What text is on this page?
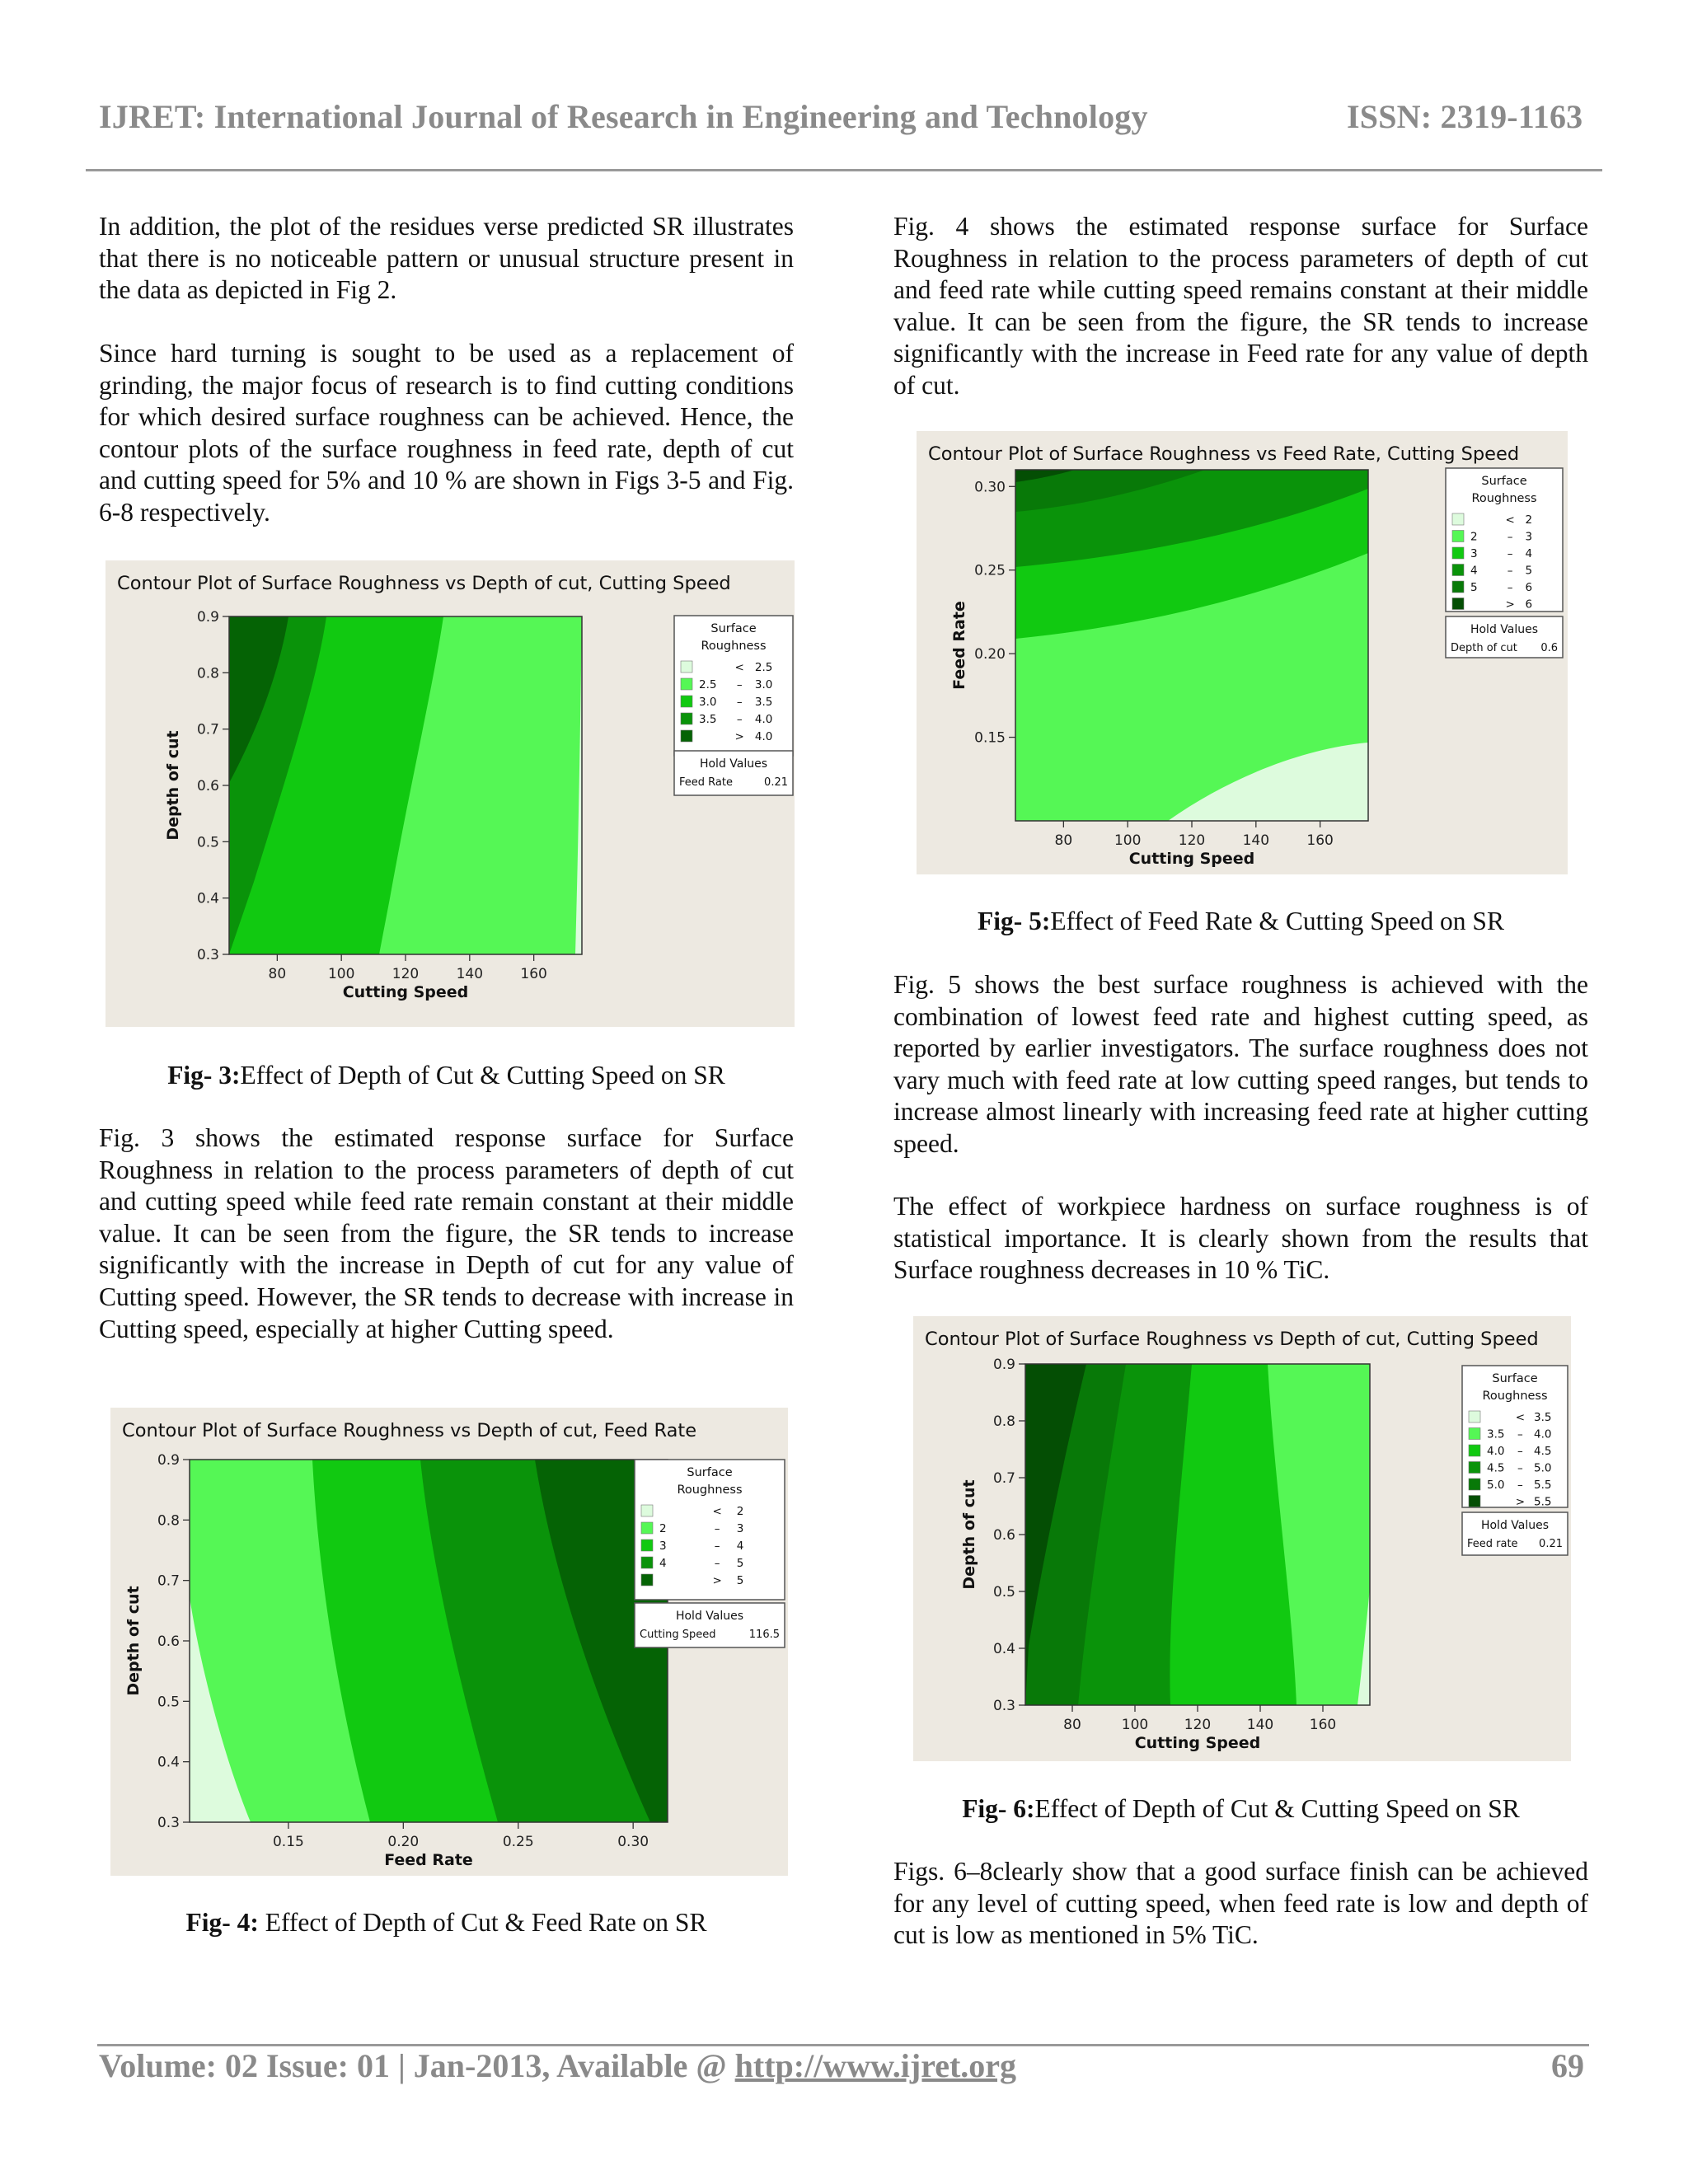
IJRET: International Journal of Research in Engineering and Technology	ISSN: 2319-1163

In addition, the plot of the residues verse predicted SR illustrates that there is no noticeable pattern or unusual structure present in the data as depicted in Fig 2.

Since hard turning is sought to be used as a replacement of grinding, the major focus of research is to find cutting conditions for which desired surface roughness can be achieved. Hence, the contour plots of the surface roughness in feed rate, depth of cut and cutting speed for 5% and 10 % are shown in Figs 3-5 and Fig. 6-8 respectively.

Contour Plot of Surface Roughness vs Depth of cut, Cutting Speed
80	100	120	140	160
0.3
0.4
0.5
0.6
0.7
0.8
0.9
Cutting Speed
Depth of cut
Surface
Roughness
< 2.5
2.5 – 3.0
3.0 – 3.5
3.5 – 4.0
> 4.0
Hold Values
Feed Rate	0.21
Fig- 3:Effect of Depth of Cut & Cutting Speed on SR

Fig. 3 shows the estimated response surface for Surface Roughness in relation to the process parameters of depth of cut and cutting speed while feed rate remain constant at their middle value. It can be seen from the figure, the SR tends to increase significantly with the increase in Depth of cut for any value of Cutting speed. However, the SR tends to decrease with increase in Cutting speed, especially at higher Cutting speed.

Contour Plot of Surface Roughness vs Depth of cut, Feed Rate
0.15	0.20	0.25	0.30
0.3
0.4
0.5
0.6
0.7
0.8
0.9
Feed Rate
Depth of cut
Surface
Roughness
< 2
2	– 3
3	– 4
4	– 5
> 5
Hold Values
Cutting Speed	116.5
Fig- 4: Effect of Depth of Cut & Feed Rate on SR

Fig. 4 shows the estimated response surface for Surface Roughness in relation to the process parameters of depth of cut and feed rate while cutting speed remains constant at their middle value. It can be seen from the figure, the SR tends to increase significantly with the increase in Feed rate for any value of depth of cut.

Contour Plot of Surface Roughness vs Feed Rate, Cutting Speed
80	100	120	140	160
0.15
0.20
0.25
0.30
Cutting Speed
Feed Rate
Surface
Roughness
< 2
2	– 3
3	– 4
4	– 5
5	– 6
> 6
Hold Values
Depth of cut 0.6
Fig- 5:Effect of Feed Rate & Cutting Speed on SR

Fig. 5 shows the best surface roughness is achieved with the combination of lowest feed rate and highest cutting speed, as reported by earlier investigators. The surface roughness does not vary much with feed rate at low cutting speed ranges, but tends to increase almost linearly with increasing feed rate at higher cutting speed.

The effect of workpiece hardness on surface roughness is of statistical importance. It is clearly shown from the results that Surface roughness decreases in 10 % TiC.

Contour Plot of Surface Roughness vs Depth of cut, Cutting Speed
80	100	120	140	160
0.3
0.4
0.5
0.6
0.7
0.8
0.9
Cutting Speed
Depth of cut
Surface
Roughness
< 3.5
3.5 – 4.0
4.0 – 4.5
4.5 – 5.0
5.0 – 5.5
> 5.5
Hold Values
Feed rate 0.21
Fig- 6:Effect of Depth of Cut & Cutting Speed on SR

Figs. 6–8clearly show that a good surface finish can be achieved for any level of cutting speed, when feed rate is low and depth of cut is low as mentioned in 5% TiC.

Volume: 02 Issue: 01 | Jan-2013, Available @ http://www.ijret.org	69
